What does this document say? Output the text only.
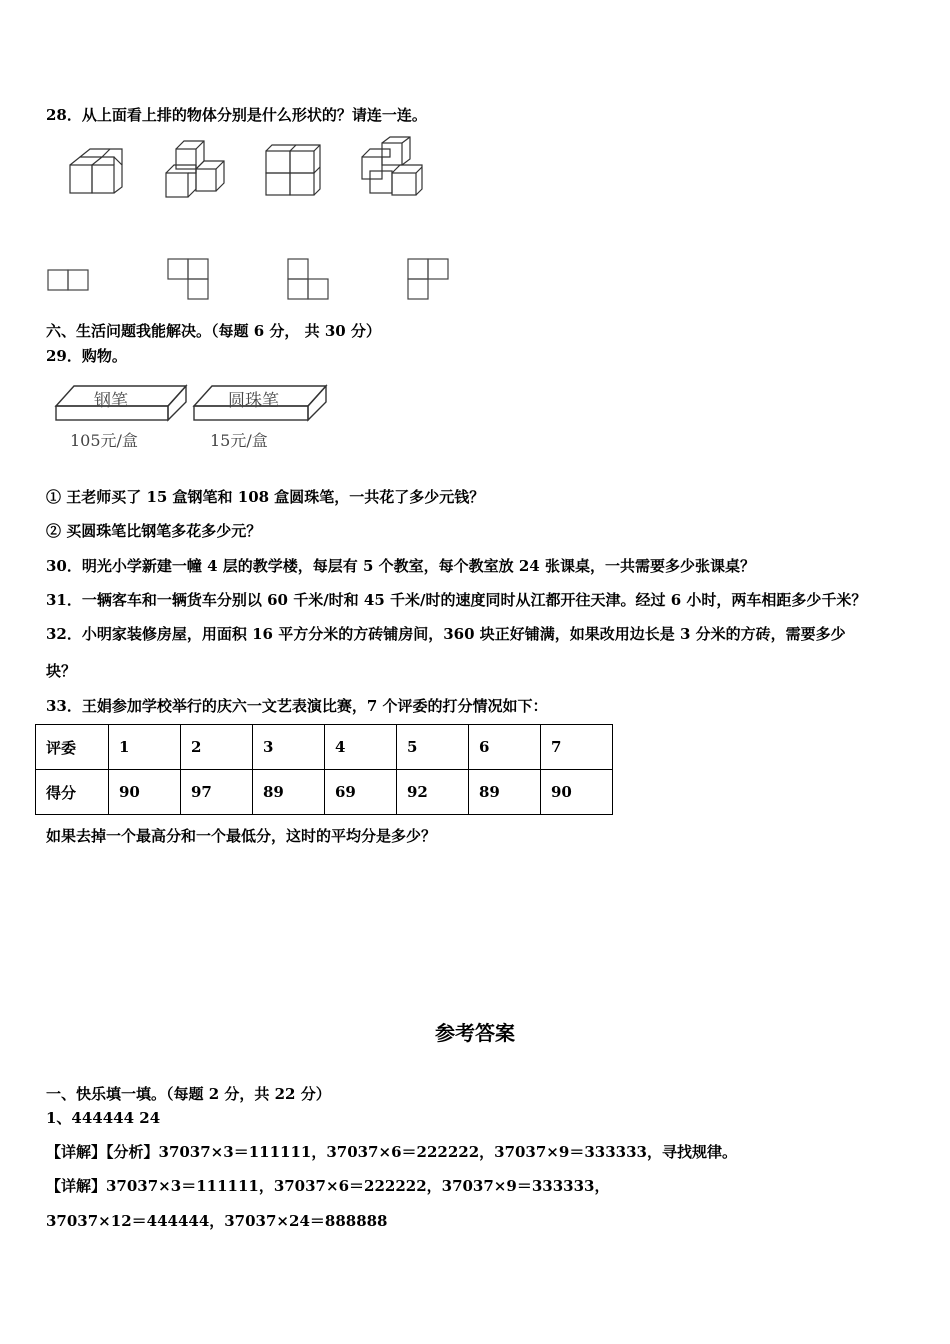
28．从上面看上排的物体分别是什么形状的？请连一连。
六、生活问题我能解决。（每题 6 分， 共 30 分）
29．购物。
钢笔	圆珠笔
105元/盒	15元/盒
① 王老师买了 15 盒钢笔和 108 盒圆珠笔，一共花了多少元钱？
② 买圆珠笔比钢笔多花多少元？
30．明光小学新建一幢 4 层的教学楼，每层有 5 个教室，每个教室放 24 张课桌，一共需要多少张课桌？
31．一辆客车和一辆货车分别以 60 千米/时和 45 千米/时的速度同时从江都开往天津。经过 6 小时，两车相距多少千米？
32．小明家装修房屋，用面积 16 平方分米的方砖铺房间，360 块正好铺满，如果改用边长是 3 分米的方砖，需要多少
块？
33．王娟参加学校举行的庆六一文艺表演比赛，7 个评委的打分情况如下：
评委	1	2	3	4	5	6	7
得分	90	97	89	69	92	89	90
如果去掉一个最高分和一个最低分，这时的平均分是多少？
参考答案
一、快乐填一填。（每题 2 分，共 22 分）
1、444444 24
【详解】【分析】37037×3＝111111，37037×6＝222222，37037×9＝333333，寻找规律。
【详解】37037×3＝111111，37037×6＝222222，37037×9＝333333，
37037×12＝444444，37037×24＝888888
